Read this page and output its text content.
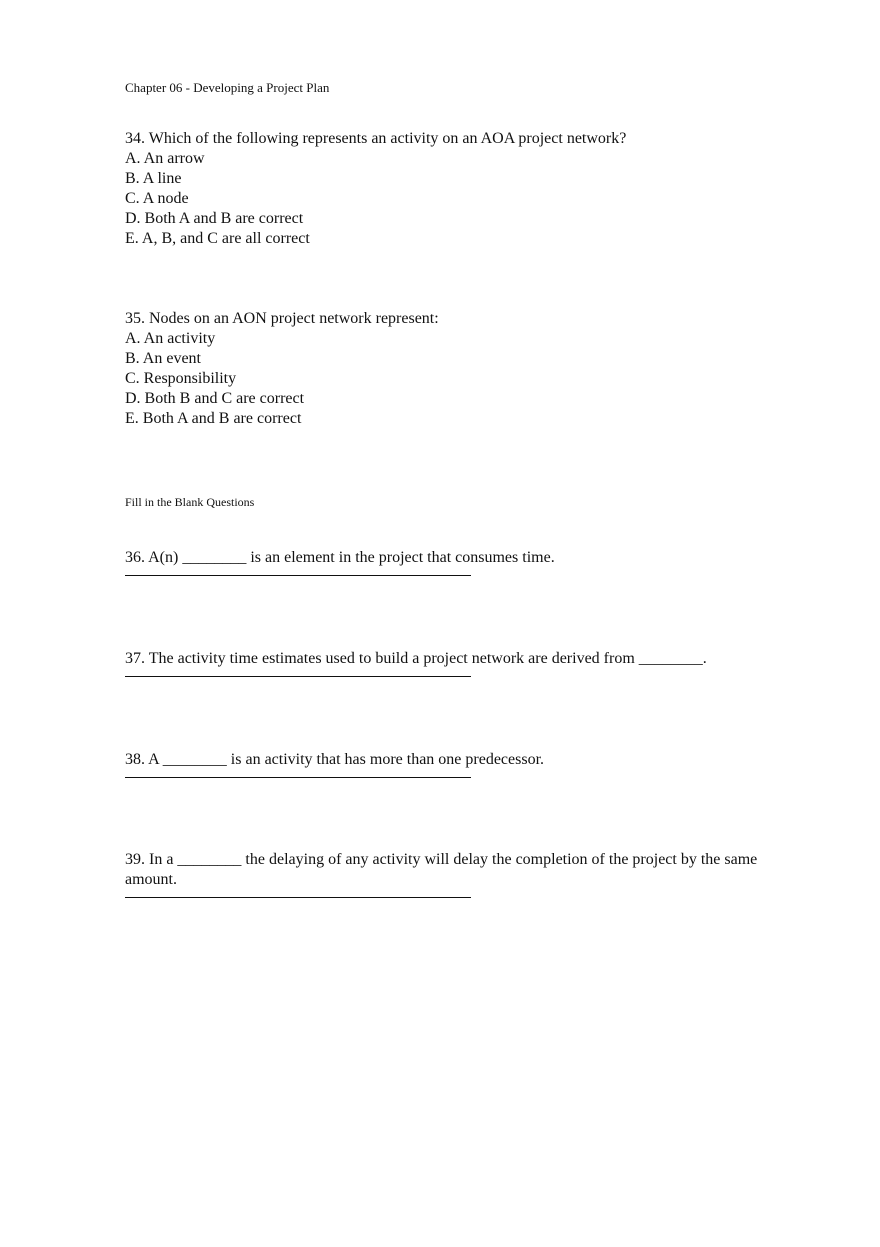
Chapter 06 - Developing a Project Plan
34. Which of the following represents an activity on an AOA project network?
A. An arrow
B. A line
C. A node
D. Both A and B are correct
E. A, B, and C are all correct
35. Nodes on an AON project network represent:
A. An activity
B. An event
C. Responsibility
D. Both B and C are correct
E. Both A and B are correct
Fill in the Blank Questions
36. A(n) ________ is an element in the project that consumes time.
37. The activity time estimates used to build a project network are derived from ________.
38. A ________ is an activity that has more than one predecessor.
39. In a ________ the delaying of any activity will delay the completion of the project by the same amount.
